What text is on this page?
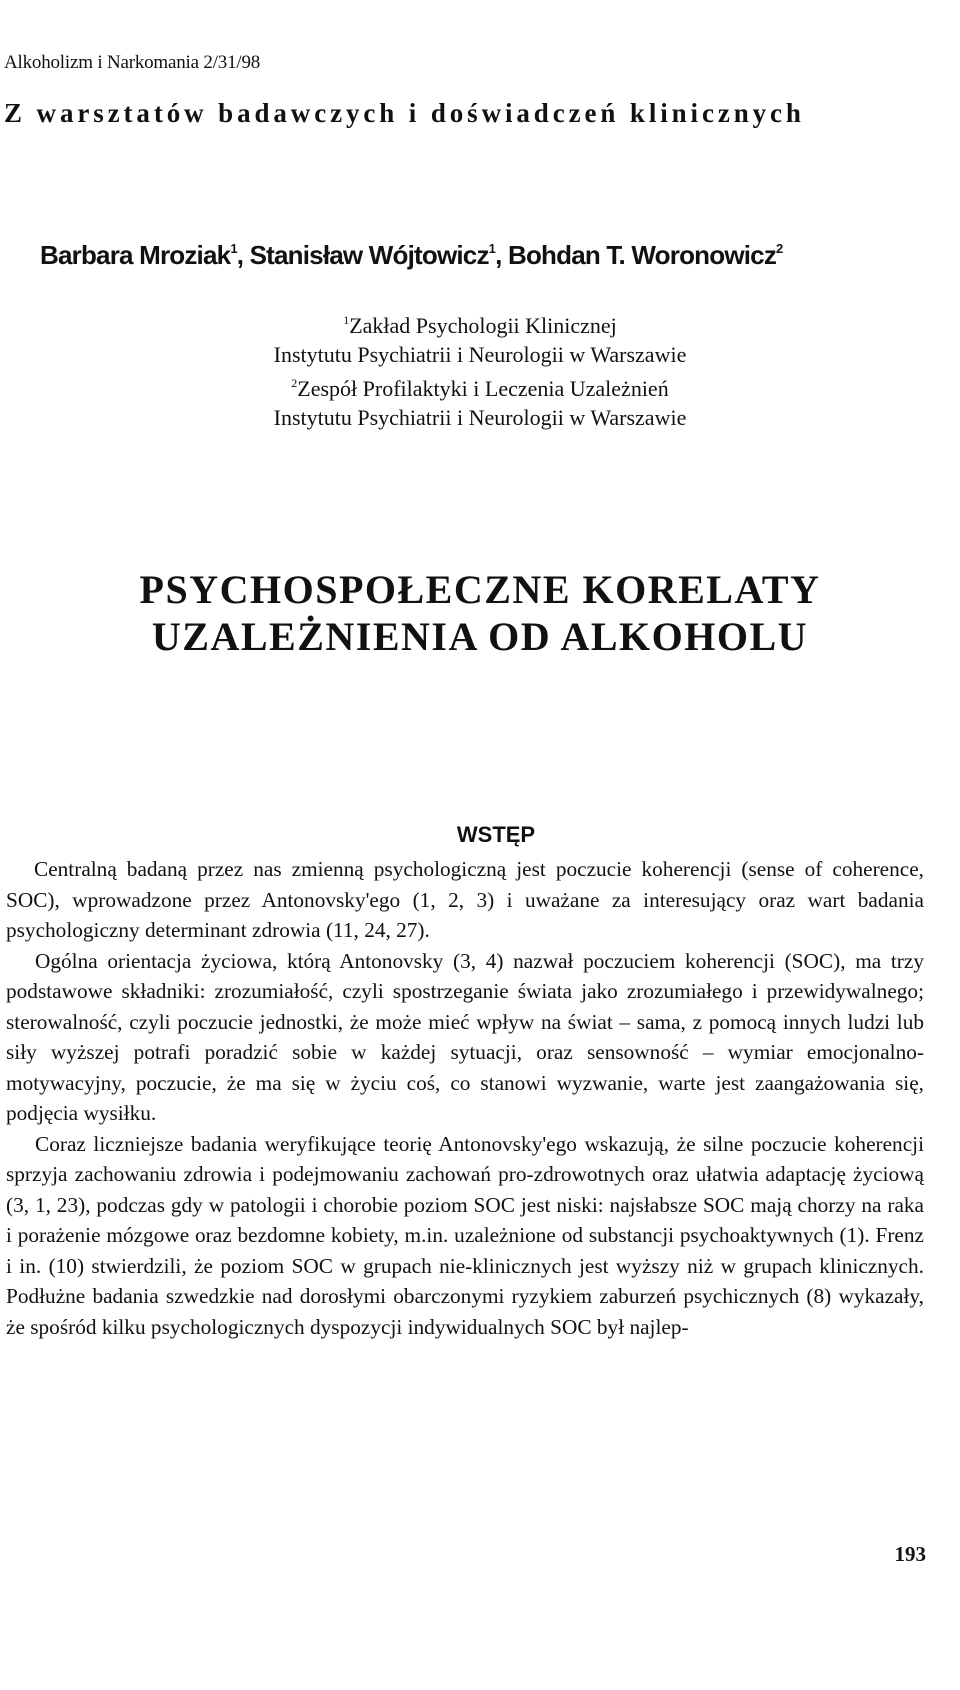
Alkoholizm i Narkomania 2/31/98
Z warsztatów badawczych i doświadczeń klinicznych
Barbara Mroziak$^1$, Stanisław Wójtowicz$^1$, Bohdan T. Woronowicz$^2$
$^1$Zakład Psychologii Klinicznej
Instytutu Psychiatrii i Neurologii w Warszawie
$^2$Zespół Profilaktyki i Leczenia Uzależnień
Instytutu Psychiatrii i Neurologii w Warszawie
PSYCHOSPOŁECZNE KORELATY
UZALEŻNIENIA OD ALKOHOLU
WSTĘP

Centralną badaną przez nas zmienną psychologiczną jest poczucie koherencji (sense of coherence, SOC), wprowadzone przez Antonovsky'ego (1, 2, 3) i uważane za interesujący oraz wart badania psychologiczny determinant zdrowia (11, 24, 27).

Ogólna orientacja życiowa, którą Antonovsky (3, 4) nazwał poczuciem koherencji (SOC), ma trzy podstawowe składniki: zrozumiałość, czyli spostrzeganie świata jako zrozumiałego i przewidywalnego; sterowalność, czyli poczucie jednostki, że może mieć wpływ na świat – sama, z pomocą innych ludzi lub siły wyższej potrafi poradzić sobie w każdej sytuacji, oraz sensowność – wymiar emocjonalno-motywacyjny, poczucie, że ma się w życiu coś, co stanowi wyzwanie, warte jest zaangażowania się, podjęcia wysiłku.

Coraz liczniejsze badania weryfikujące teorię Antonovsky'ego wskazują, że silne poczucie koherencji sprzyja zachowaniu zdrowia i podejmowaniu zachowań pro-zdrowotnych oraz ułatwia adaptację życiową (3, 1, 23), podczas gdy w patologii i chorobie poziom SOC jest niski: najsłabsze SOC mają chorzy na raka i porażenie mózgowe oraz bezdomne kobiety, m.in. uzależnione od substancji psychoaktywnych (1). Frenz i in. (10) stwierdzili, że poziom SOC w grupach nie-klinicznych jest wyższy niż w grupach klinicznych. Podłużne badania szwedzkie nad dorosłymi obarczonymi ryzykiem zaburzeń psychicznych (8) wykazały, że spośród kilku psychologicznych dyspozycji indywidualnych SOC był najlep-

193
